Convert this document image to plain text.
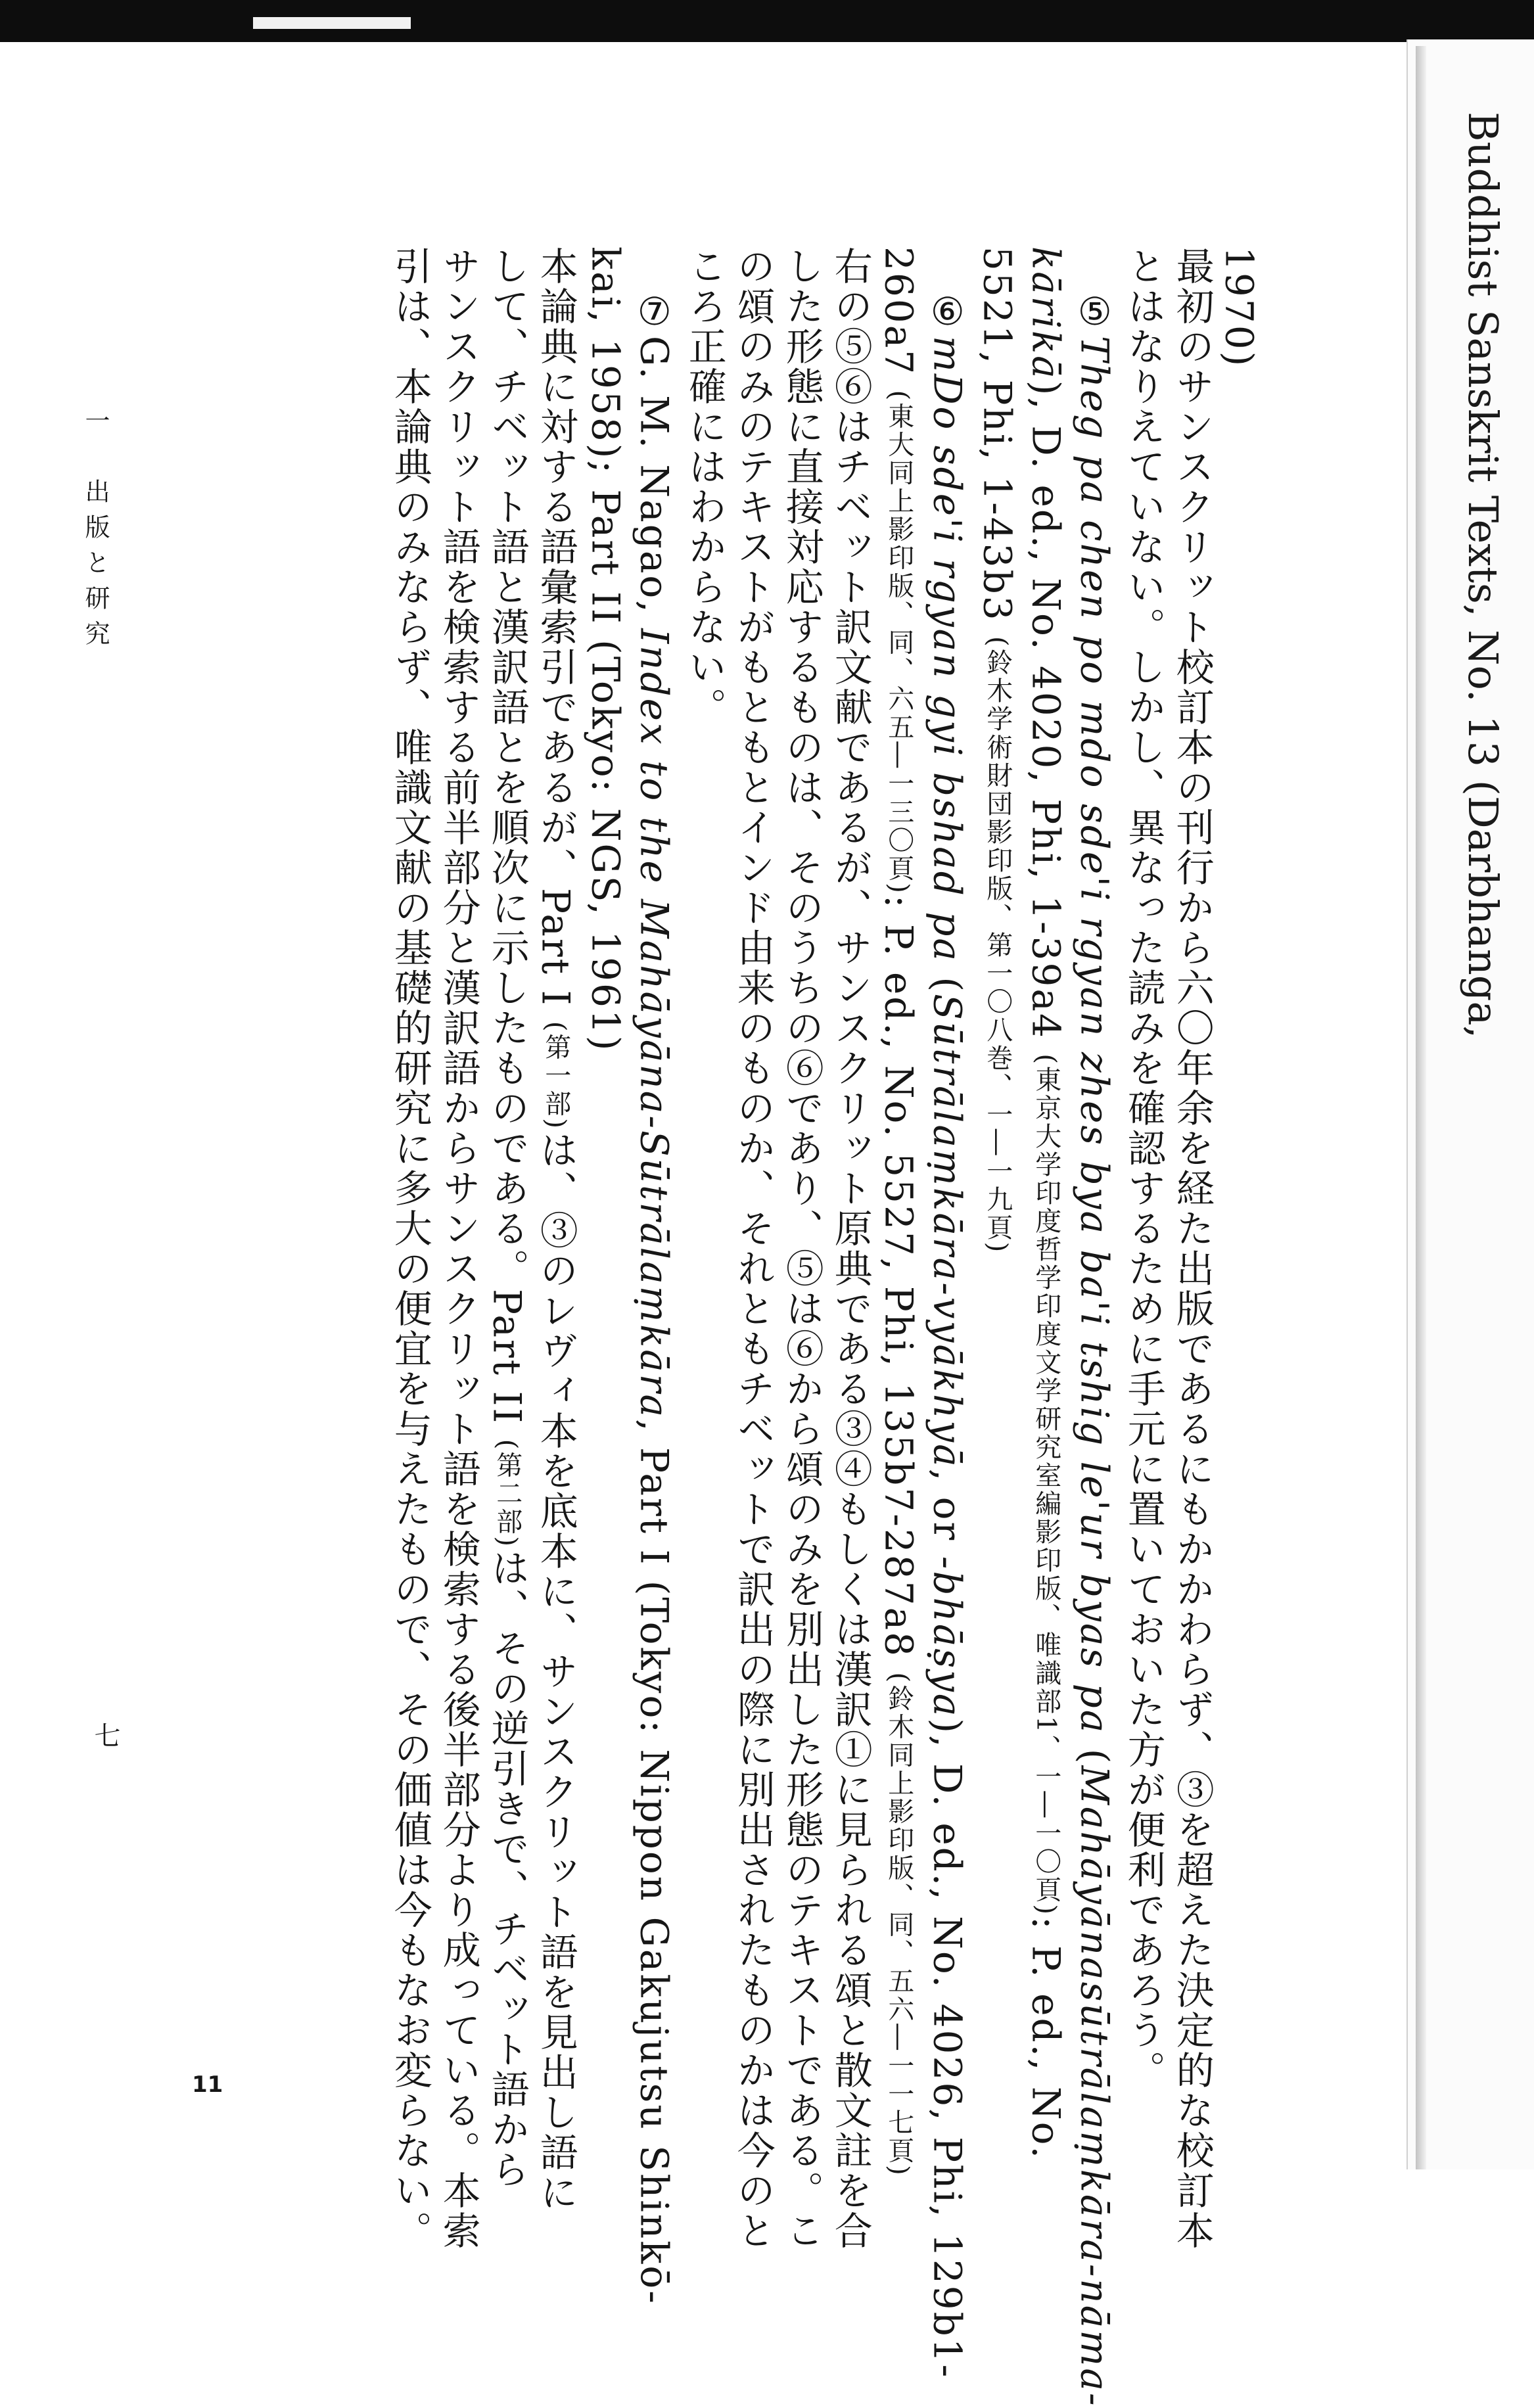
Buddhist Sanskrit Texts, No. 13 (Darbhanga,
1970)
最初のサンスクリット校訂本の刊行から六〇年余を経た出版であるにもかかわらず、③を超えた決定的な校訂本
とはなりえていない。しかし、異なった読みを確認するために手元に置いておいた方が便利であろう。
⑤Theg pa chen po mdo sde'i rgyan zhes bya ba'i tshig le'ur byas pa (Mahāyānasūtrālaṃkāra-nāma-
kārikā), D. ed., No. 4020, Phi, 1-39a4 (東京大学印度哲学印度文学研究室編影印版、唯識部1、一―一〇頁): P. ed., No.
5521, Phi, 1-43b3 (鈴木学術財団影印版、第一〇八巻、一―一九頁)
⑥mDo sde'i rgyan gyi bshad pa (Sūtrālaṃkāra-vyākhyā, or -bhāṣya), D. ed., No. 4026, Phi, 129b1-
260a7 (東大同上影印版、同、六五―一三〇頁): P. ed., No. 5527, Phi, 135b7-287a8 (鈴木同上影印版、同、五六―一一七頁)
右の⑤⑥はチベット訳文献であるが、サンスクリット原典である③④もしくは漢訳①に見られる頌と散文註を合
した形態に直接対応するものは、そのうちの⑥であり、⑤は⑥から頌のみを別出した形態のテキストである。こ
の頌のみのテキストがもともとインド由来のものか、それともチベットで訳出の際に別出されたものかは今のと
ころ正確にはわからない。
⑦G. M. Nagao, Index to the Mahāyāna-Sūtrālaṃkāra, Part I (Tokyo: Nippon Gakujutsu Shinkō-
kai, 1958); Part II (Tokyo: NGS, 1961)
本論典に対する語彙索引であるが、Part I (第一部)は、③のレヴィ本を底本に、サンスクリット語を見出し語に
して、チベット語と漢訳語とを順次に示したものである。Part II (第二部)は、その逆引きで、チベット語から
サンスクリット語を検索する前半部分と漢訳語からサンスクリット語を検索する後半部分より成っている。本索
引は、本論典のみならず、唯識文献の基礎的研究に多大の便宜を与えたもので、その価値は今もなお変らない。
一　出版と研究
七
11
